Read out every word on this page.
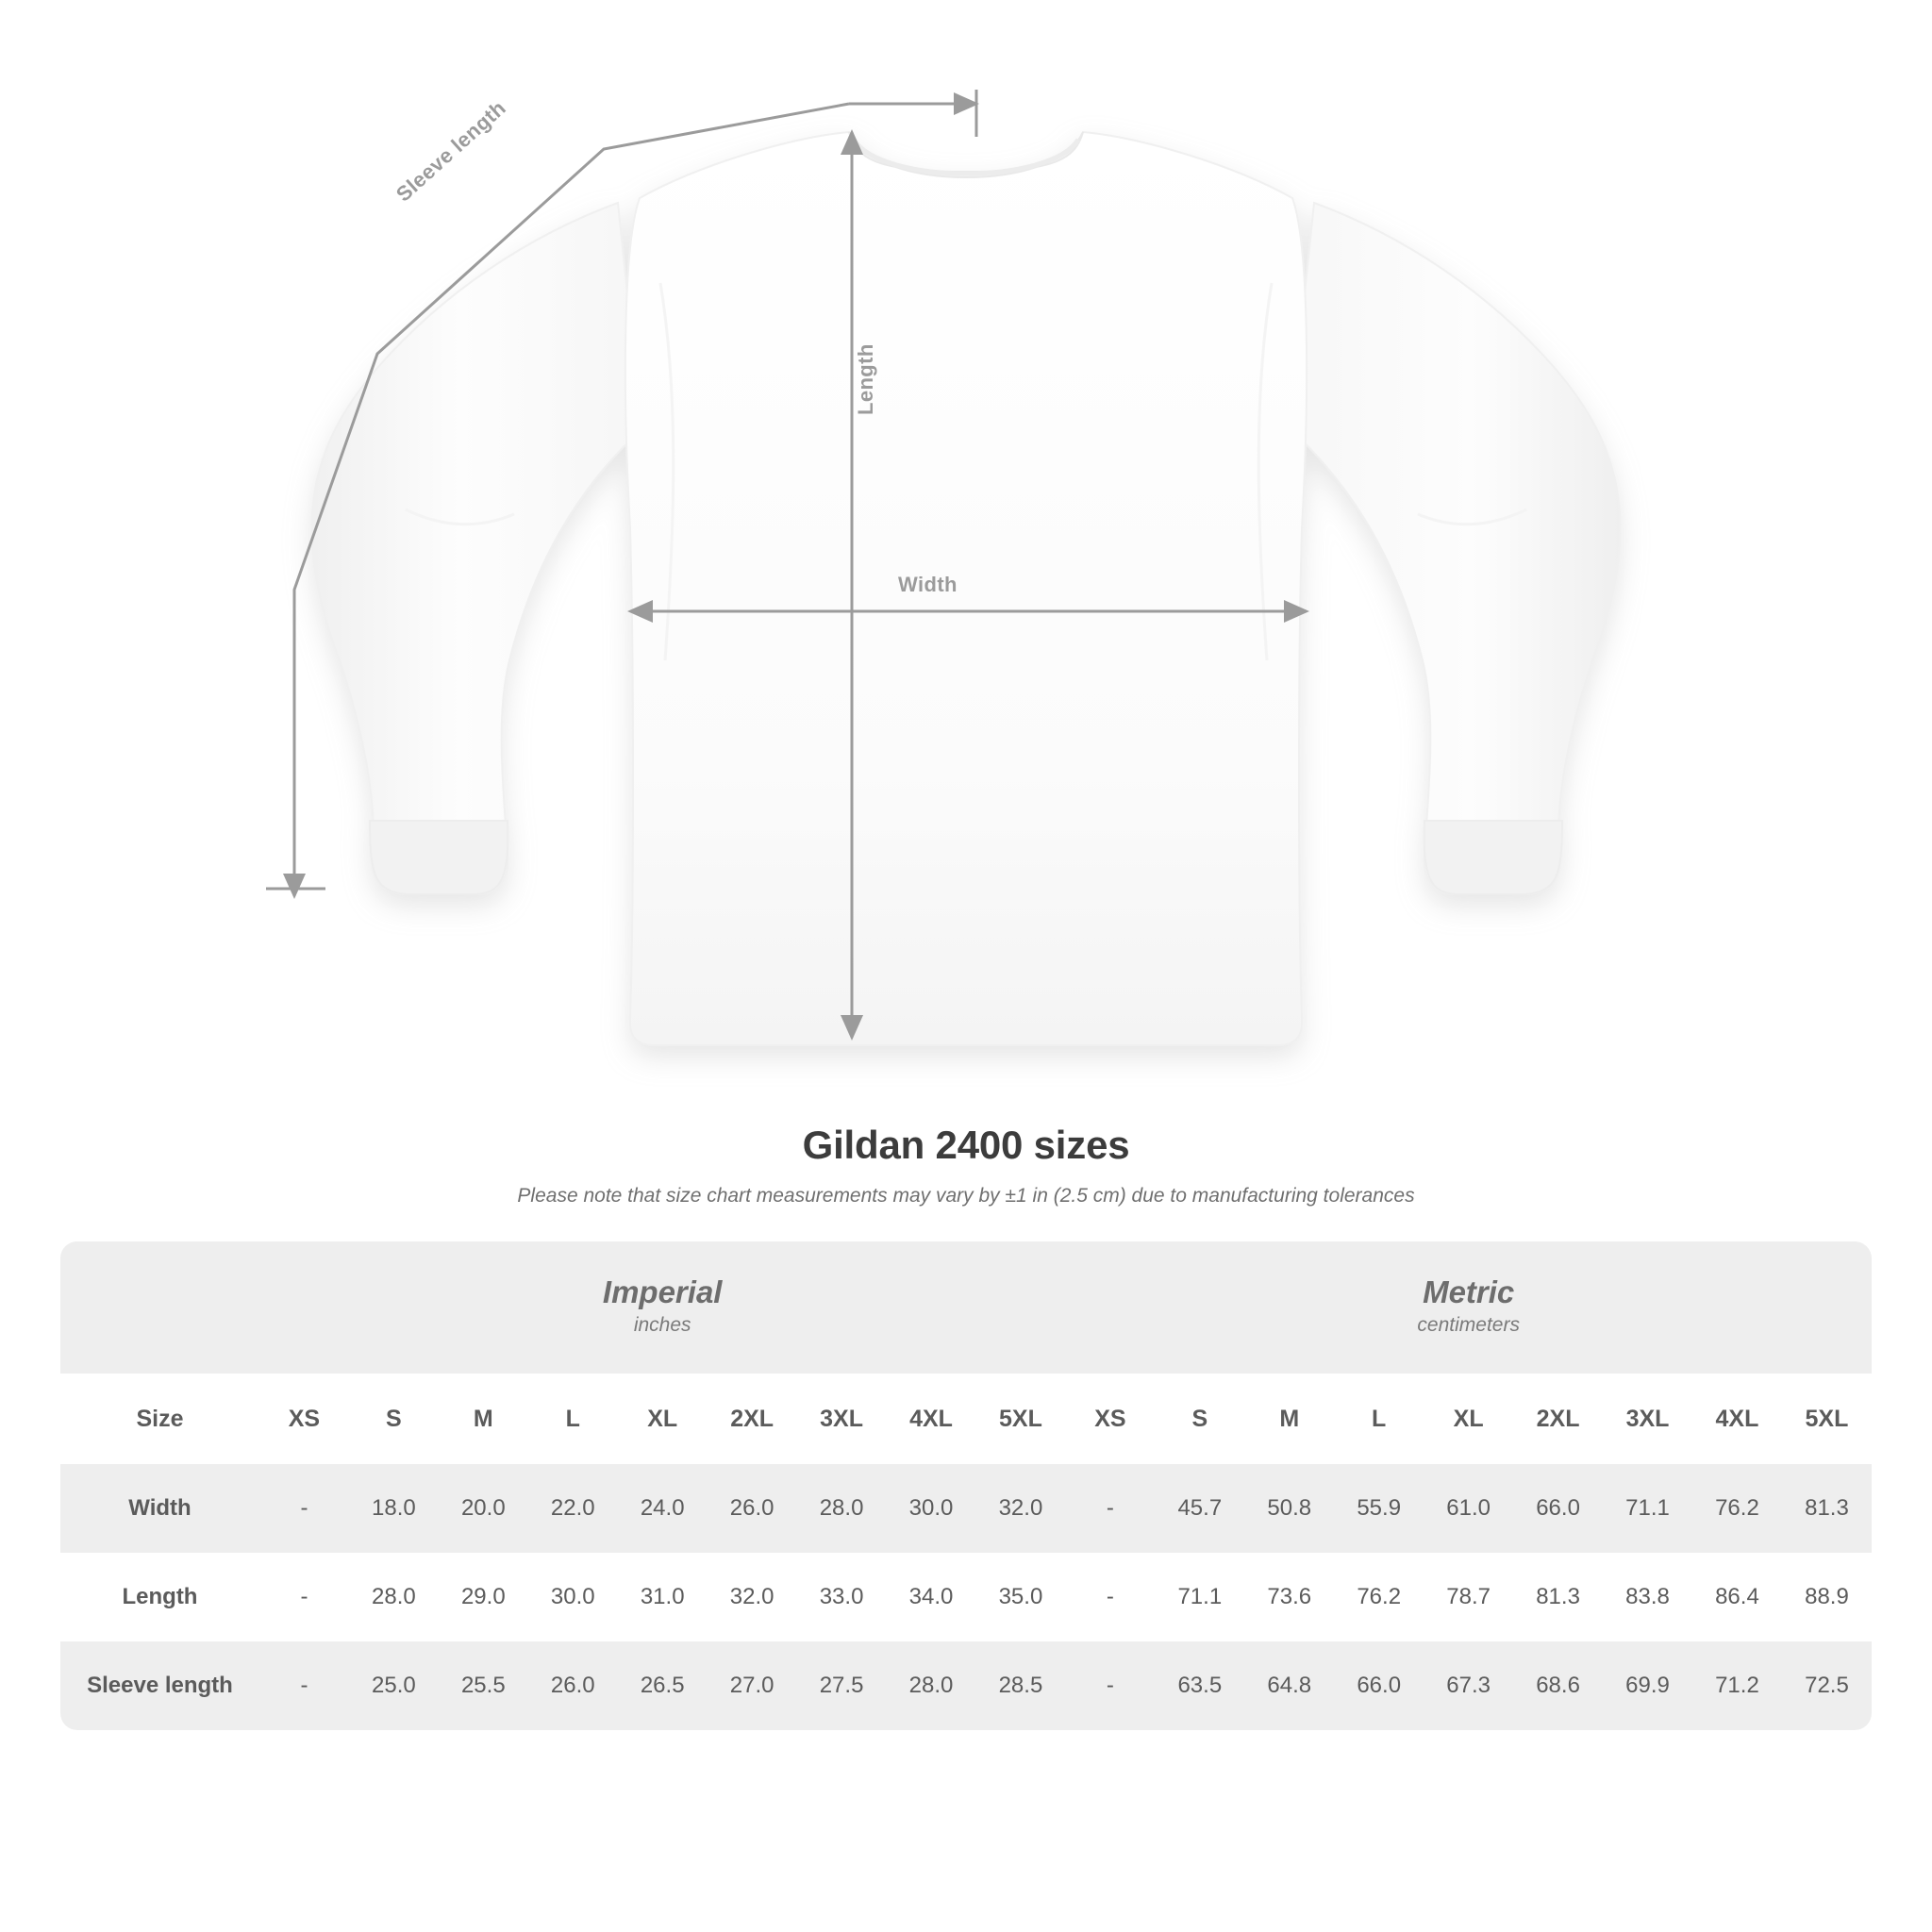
Length
Width
Sleeve length
Gildan 2400 sizes

Please note that size chart measurements may vary by ±1 in (2.5 cm) due to manufacturing tolerances

Imperial
inches

Metric
centimeters

Size	XS	S	M	L	XL	2XL	3XL	4XL	5XL	XS	S	M	L	XL	2XL	3XL	4XL	5XL
Width	-	18.0	20.0	22.0	24.0	26.0	28.0	30.0	32.0	-	45.7	50.8	55.9	61.0	66.0	71.1	76.2	81.3
Length	-	28.0	29.0	30.0	31.0	32.0	33.0	34.0	35.0	-	71.1	73.6	76.2	78.7	81.3	83.8	86.4	88.9
Sleeve length	-	25.0	25.5	26.0	26.5	27.0	27.5	28.0	28.5	-	63.5	64.8	66.0	67.3	68.6	69.9	71.2	72.5
